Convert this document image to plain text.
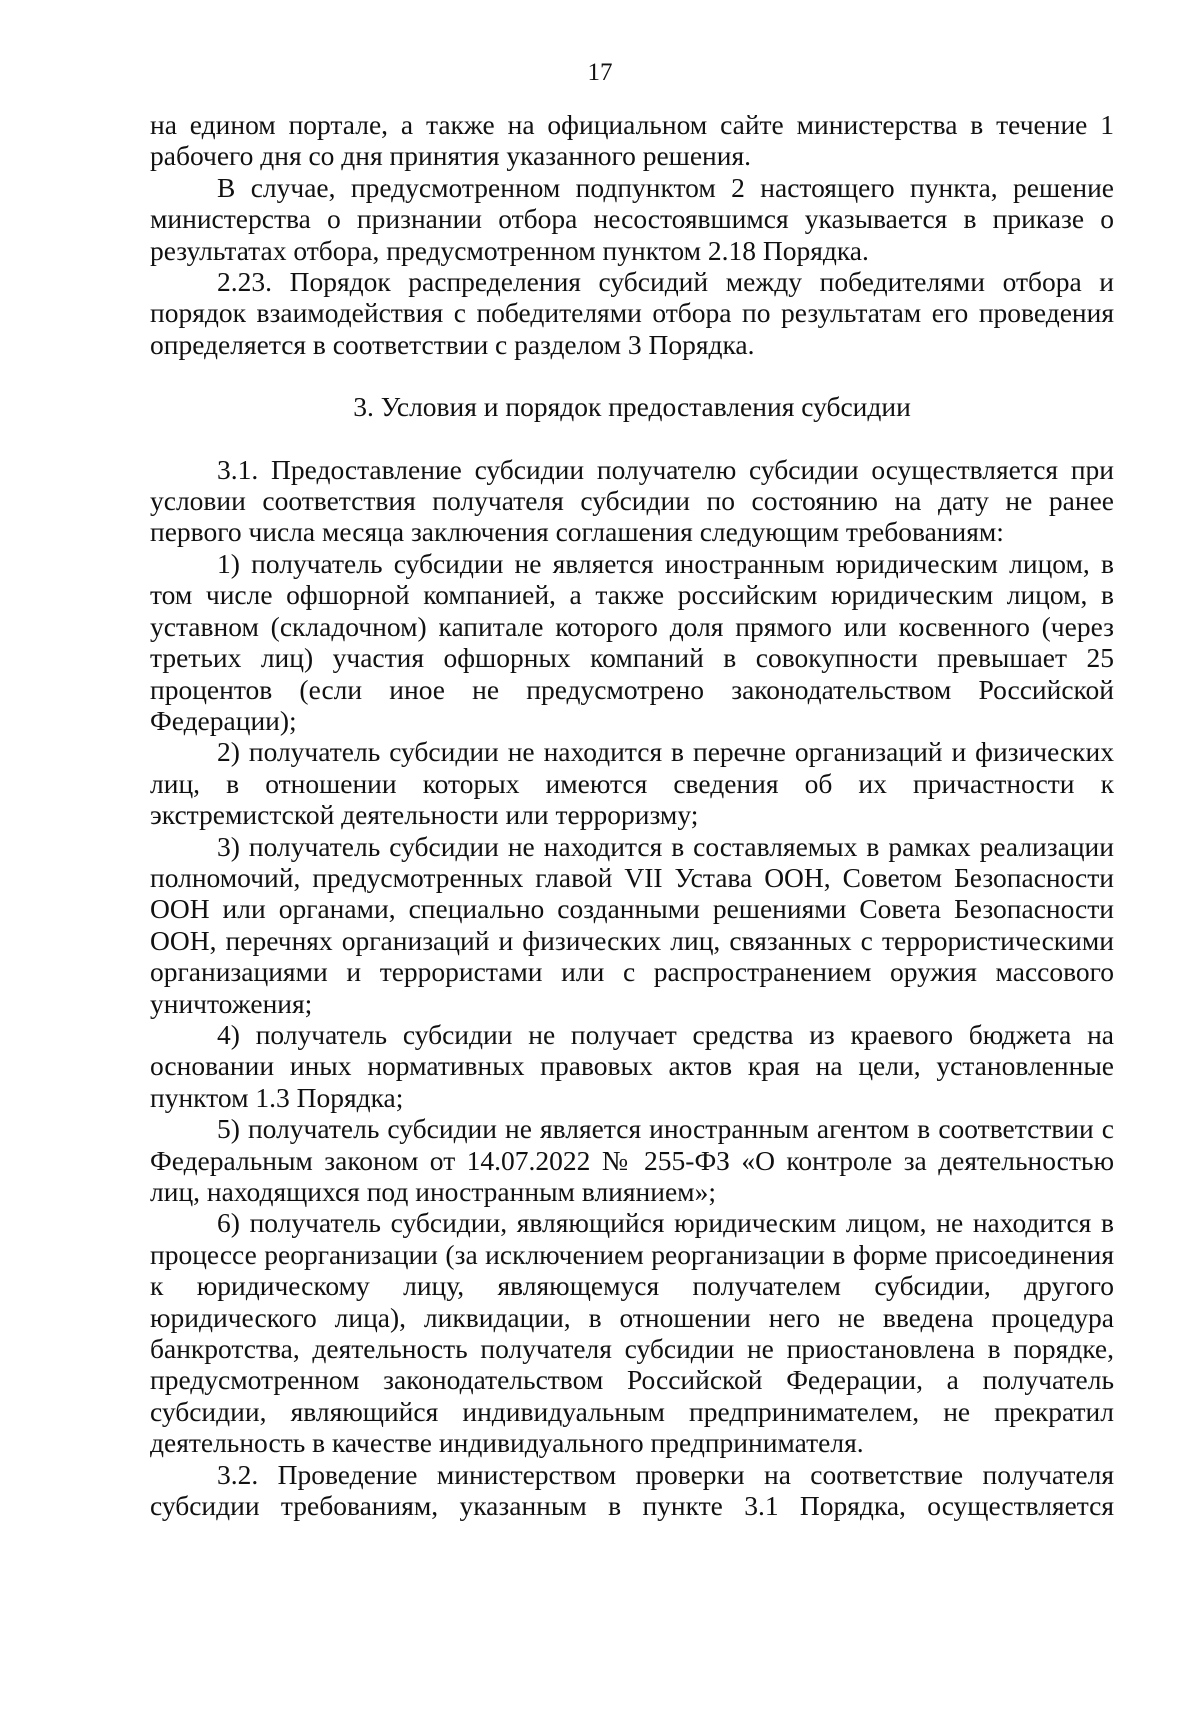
17

на едином портале, а также на официальном сайте министерства в течение 1 рабочего дня со дня принятия указанного решения.

В случае, предусмотренном подпунктом 2 настоящего пункта, решение министерства о признании отбора несостоявшимся указывается в приказе о результатах отбора, предусмотренном пунктом 2.18 Порядка.

2.23. Порядок распределения субсидий между победителями отбора и порядок взаимодействия с победителями отбора по результатам его проведения определяется в соответствии с разделом 3 Порядка.

3. Условия и порядок предоставления субсидии

3.1. Предоставление субсидии получателю субсидии осуществляется при условии соответствия получателя субсидии по состоянию на дату не ранее первого числа месяца заключения соглашения следующим требованиям:

1) получатель субсидии не является иностранным юридическим лицом, в том числе офшорной компанией, а также российским юридическим лицом, в уставном (складочном) капитале которого доля прямого или косвенного (через третьих лиц) участия офшорных компаний в совокупности превышает 25 процентов (если иное не предусмотрено законодательством Российской Федерации);

2) получатель субсидии не находится в перечне организаций и физических лиц, в отношении которых имеются сведения об их причастности к экстремистской деятельности или терроризму;

3) получатель субсидии не находится в составляемых в рамках реализации полномочий, предусмотренных главой VII Устава ООН, Советом Безопасности ООН или органами, специально созданными решениями Совета Безопасности ООН, перечнях организаций и физических лиц, связанных с террористическими организациями и террористами или с распространением оружия массового уничтожения;

4) получатель субсидии не получает средства из краевого бюджета на основании иных нормативных правовых актов края на цели, установленные пунктом 1.3 Порядка;

5) получатель субсидии не является иностранным агентом в соответствии с Федеральным законом от 14.07.2022 № 255-ФЗ «О контроле за деятельностью лиц, находящихся под иностранным влиянием»;

6) получатель субсидии, являющийся юридическим лицом, не находится в процессе реорганизации (за исключением реорганизации в форме присоединения к юридическому лицу, являющемуся получателем субсидии, другого юридического лица), ликвидации, в отношении него не введена процедура банкротства, деятельность получателя субсидии не приостановлена в порядке, предусмотренном законодательством Российской Федерации, а получатель субсидии, являющийся индивидуальным предпринимателем, не прекратил деятельность в качестве индивидуального предпринимателя.

3.2. Проведение министерством проверки на соответствие получателя
субсидии требованиям, указанным в пункте 3.1 Порядка, осуществляется
